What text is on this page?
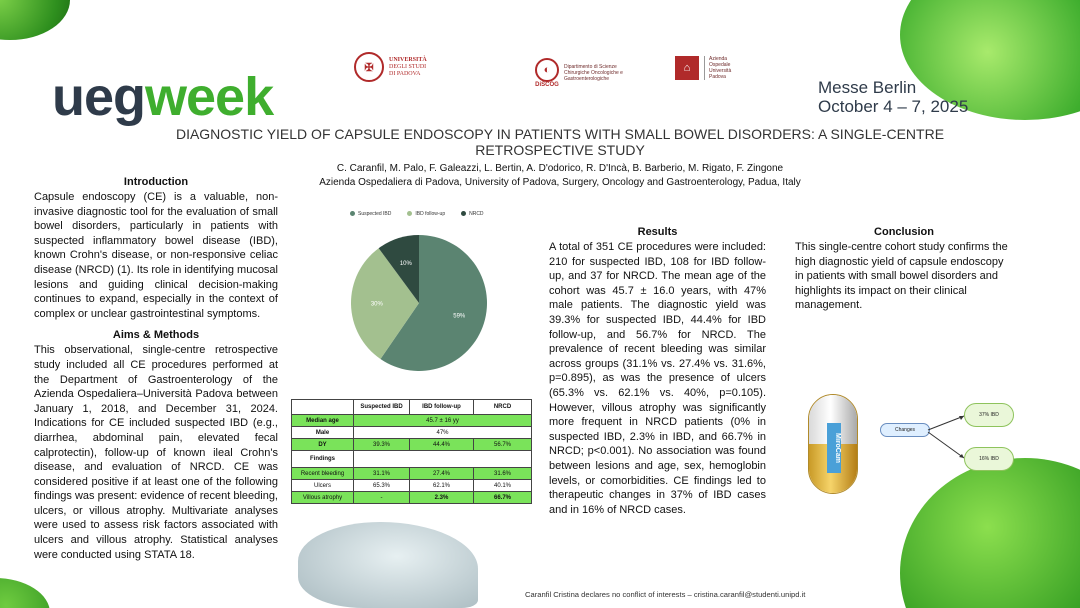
uegweek	Messe Berlin
October 4 – 7, 2025
✠
UNIVERSITÀ
DEGLI STUDI
DI PADOVA	◐
DiSCOG
Dipartimento di Scienze
Chirurgiche Oncologiche e
Gastroenterologiche
⌂
Azienda
Ospedale
Università
Padova
DIAGNOSTIC YIELD OF CAPSULE ENDOSCOPY IN PATIENTS WITH SMALL BOWEL DISORDERS: A SINGLE-CENTRE RETROSPECTIVE STUDY
C. Caranfil, M. Palo, F. Galeazzi, L. Bertin, A. D'odorico, R. D'Incà, B. Barberio, M. Rigato, F. Zingone
Azienda Ospedaliera di Padova, University of Padova, Surgery, Oncology and Gastroenterology, Padua, Italy
Introduction
Capsule endoscopy (CE) is a valuable, non-invasive diagnostic tool for the evaluation of small bowel disorders, particularly in patients with suspected inflammatory bowel disease (IBD), known Crohn's disease, or non-responsive celiac disease (NRCD) (1). Its role in identifying mucosal lesions and guiding clinical decision-making continues to expand, especially in the context of complex or unclear gastrointestinal symptoms.
Aims & Methods
This observational, single-centre retrospective study included all CE procedures performed at the Department of Gastroenterology of the Azienda Ospedaliera–Università Padova between January 1, 2018, and December 31, 2024. Indications for CE included suspected IBD (e.g., diarrhea, abdominal pain, elevated fecal calprotectin), follow-up of known ileal Crohn's disease, and evaluation of NRCD. CE was considered positive if at least one of the following findings was present: evidence of recent bleeding, ulcers, or villous atrophy. Multivariate analyses were used to assess risk factors associated with ulcers and villous atrophy. Statistical analyses were conducted using STATA 18.
Suspected IBD	IBD follow-up	NRCD
59%
30%
10%
	Suspected IBD	IBD follow-up	NRCD
Median age	45.7 ± 16 yy		
Male	47%		
DY	39.3%	44.4%	56.7%
Findings			
Recent bleeding	31.1%	27.4%	31.6%
Ulcers	65.3%	62.1%	40.1%
Villous atrophy	-	2.3%	66.7%
Results
A total of 351 CE procedures were included: 210 for suspected IBD, 108 for IBD follow-up, and 37 for NRCD. The mean age of the cohort was 45.7 ± 16.0 years, with 47% male patients. The diagnostic yield was 39.3% for suspected IBD, 44.4% for IBD follow-up, and 56.7% for NRCD. The prevalence of recent bleeding was similar across groups (31.1% vs. 27.4% vs. 31.6%, p=0.895), as was the presence of ulcers (65.3% vs. 62.1% vs. 40%, p=0.105). However, villous atrophy was significantly more frequent in NRCD patients (0% in suspected IBD, 2.3% in IBD, and 66.7% in NRCD; p<0.001). No association was found between lesions and age, sex, hemoglobin levels, or comorbidities. CE findings led to therapeutic changes in 37% of IBD cases and in 16% of NRCD cases.
Conclusion
This single-centre cohort study confirms the high diagnostic yield of capsule endoscopy in patients with small bowel disorders and highlights its impact on their clinical management.
MiroCam
Changes
37% IBD
16% IBD
Caranfil Cristina declares no conflict of interests – cristina.caranfil@studenti.unipd.it
